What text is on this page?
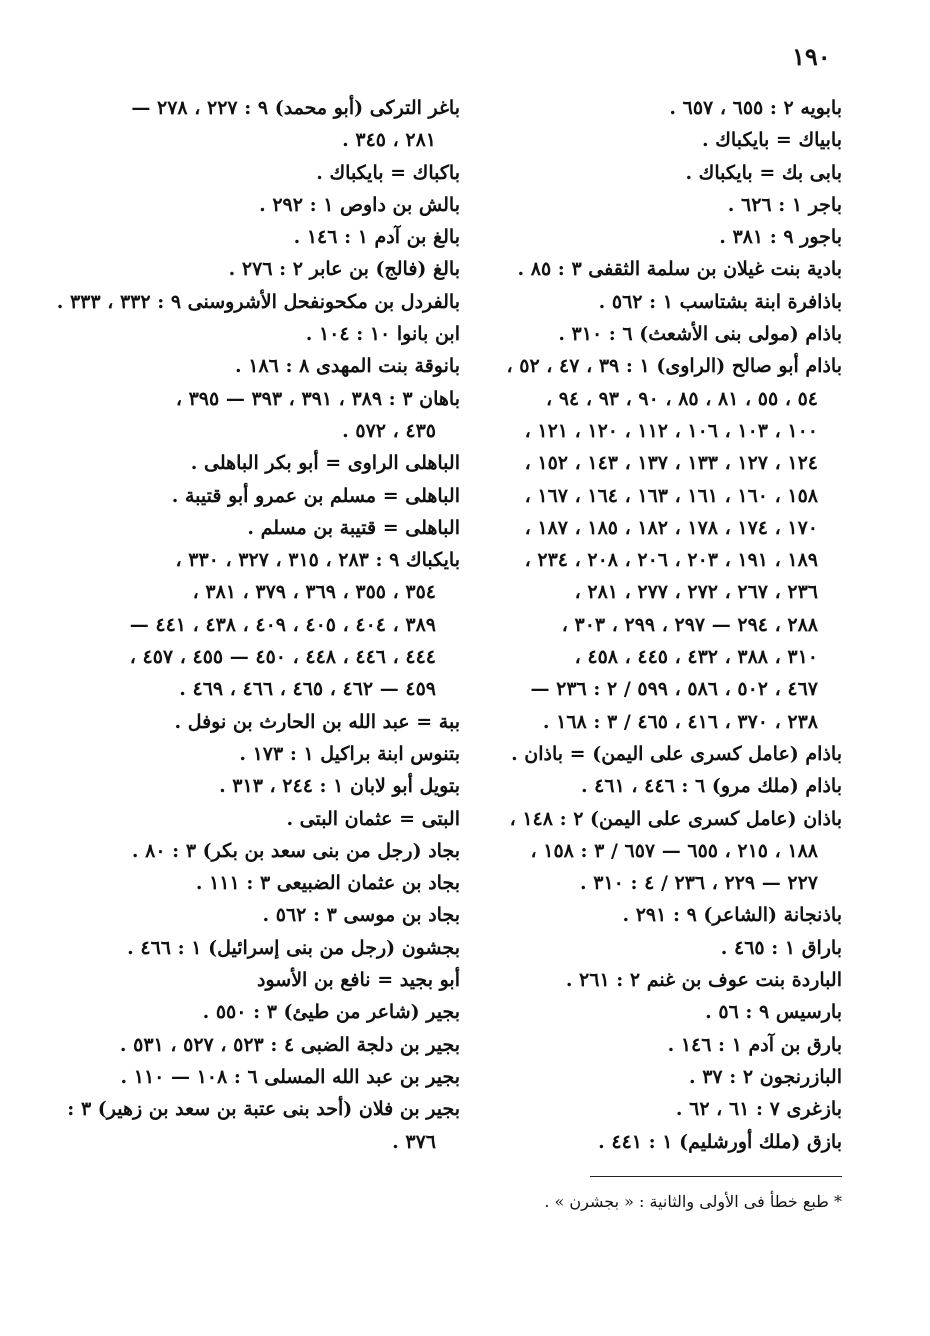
١٩٠
بابويه ٢ : ٦٥٥ ، ٦٥٧ .
بابياك = بايكباك .
بابى بك = بايكباك .
باجر ١ : ٦٢٦ .
باجور ٩ : ٣٨١ .
بادية بنت غيلان بن سلمة الثقفى ٣ : ٨٥ .
باذافرة ابنة بشتاسب ١ : ٥٦٢ .
باذام (مولى بنى الأشعث) ٦ : ٣١٠ .
باذام أبو صالح (الراوى) ١ : ٣٩ ، ٤٧ ، ٥٢ ،
٥٤ ، ٥٥ ، ٨١ ، ٨٥ ، ٩٠ ، ٩٣ ، ٩٤ ،
١٠٠ ، ١٠٣ ، ١٠٦ ، ١١٢ ، ١٢٠ ، ١٢١ ،
١٢٤ ، ١٢٧ ، ١٣٣ ، ١٣٧ ، ١٤٣ ، ١٥٢ ،
١٥٨ ، ١٦٠ ، ١٦١ ، ١٦٣ ، ١٦٤ ، ١٦٧ ،
١٧٠ ، ١٧٤ ، ١٧٨ ، ١٨٢ ، ١٨٥ ، ١٨٧ ،
١٨٩ ، ١٩١ ، ٢٠٣ ، ٢٠٦ ، ٢٠٨ ، ٢٣٤ ،
٢٣٦ ، ٢٦٧ ، ٢٧٢ ، ٢٧٧ ، ٢٨١ ،
٢٨٨ ، ٢٩٤ — ٢٩٧ ، ٢٩٩ ، ٣٠٣ ،
٣١٠ ، ٣٨٨ ، ٤٣٢ ، ٤٤٥ ، ٤٥٨ ،
٤٦٧ ، ٥٠٢ ، ٥٨٦ ، ٥٩٩ / ٢ : ٢٣٦ —
٢٣٨ ، ٣٧٠ ، ٤١٦ ، ٤٦٥ / ٣ : ١٦٨ .
باذام (عامل كسرى على اليمن) = باذان .
باذام (ملك مرو) ٦ : ٤٤٦ ، ٤٦١ .
باذان (عامل كسرى على اليمن) ٢ : ١٤٨ ،
١٨٨ ، ٢١٥ ، ٦٥٥ — ٦٥٧ / ٣ : ١٥٨ ،
٢٢٧ — ٢٢٩ ، ٢٣٦ / ٤ : ٣١٠ .
باذنجانة (الشاعر) ٩ : ٢٩١ .
باراق ١ : ٤٦٥ .
الباردة بنت عوف بن غنم ٢ : ٢٦١ .
بارسيس ٩ : ٥٦ .
بارق بن آدم ١ : ١٤٦ .
البازرنجون ٢ : ٣٧ .
بازغرى ٧ : ٦١ ، ٦٢ .
بازق (ملك أورشليم) ١ : ٤٤١ .
باغر التركى (أبو محمد) ٩ : ٢٢٧ ، ٢٧٨ —
٢٨١ ، ٣٤٥ .
باكباك = بايكباك .
بالش بن داوص ١ : ٢٩٢ .
بالغ بن آدم ١ : ١٤٦ .
بالغ (فالج) بن عابر ٢ : ٢٧٦ .
بالفردل بن مكحونفحل الأشروسنى ٩ : ٣٣٢ ، ٣٣٣ .
ابن بانوا ١٠ : ١٠٤ .
بانوقة بنت المهدى ٨ : ١٨٦ .
باهان ٣ : ٣٨٩ ، ٣٩١ ، ٣٩٣ — ٣٩٥ ،
٤٣٥ ، ٥٧٢ .
الباهلى الراوى = أبو بكر الباهلى .
الباهلى = مسلم بن عمرو أبو قتيبة .
الباهلى = قتيبة بن مسلم .
بايكباك ٩ : ٢٨٣ ، ٣١٥ ، ٣٢٧ ، ٣٣٠ ،
٣٥٤ ، ٣٥٥ ، ٣٦٩ ، ٣٧٩ ، ٣٨١ ،
٣٨٩ ، ٤٠٤ ، ٤٠٥ ، ٤٠٩ ، ٤٣٨ ، ٤٤١ —
٤٤٤ ، ٤٤٦ ، ٤٤٨ ، ٤٥٠ — ٤٥٥ ، ٤٥٧ ،
٤٥٩ — ٤٦٢ ، ٤٦٥ ، ٤٦٦ ، ٤٦٩ .
ببة = عبد الله بن الحارث بن نوفل .
بتنوس ابنة براكيل ١ : ١٧٣ .
بتويل أبو لابان ١ : ٢٤٤ ، ٣١٣ .
البتى = عثمان البتى .
بجاد (رجل من بنى سعد بن بكر) ٣ : ٨٠ .
بجاد بن عثمان الضبيعى ٣ : ١١١ .
بجاد بن موسى ٣ : ٥٦٢ .
بجشون (رجل من بنى إسرائيل) ١ : ٤٦٦ .
أبو بجيد = نافع بن الأسود
بجير (شاعر من طيئ) ٣ : ٥٥٠ .
بجير بن دلجة الضبى ٤ : ٥٢٣ ، ٥٢٧ ، ٥٣١ .
بجير بن عبد الله المسلى ٦ : ١٠٨ — ١١٠ .
بجير بن فلان (أحد بنى عتبة بن سعد بن زهير) ٣ :
٣٧٦ .
* طبع خطأ فى الأولى والثانية : « بجشرن » .
